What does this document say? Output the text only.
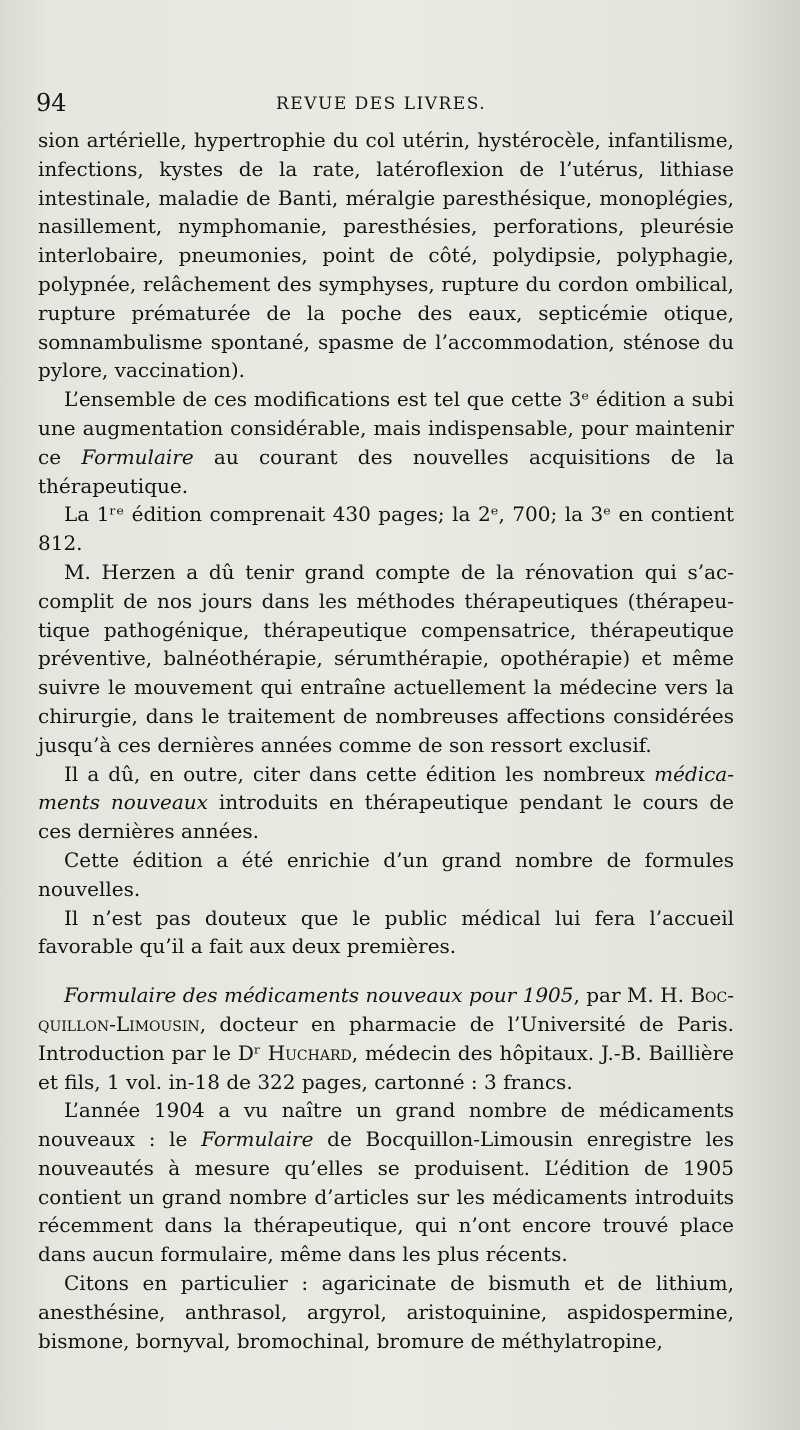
94	REVUE DES LIVRES.

sion artérielle, hypertrophie du col utérin, hystérocèle, infantilisme, infections, kystes de la rate, latéroflexion de l’utérus, lithiase intestinale, maladie de Banti, méralgie paresthésique, monoplégies, nasillement, nymphomanie, paresthésies, perforations, pleurésie interlobaire, pneumonies, point de côté, polydipsie, polyphagie, polypnée, relâchement des symphyses, rupture du cordon ombilical, rupture prématurée de la poche des eaux, septicémie otique, somnambulisme spontané, spasme de l’accommodation, sténose du pylore, vaccination).

L’ensemble de ces modifications est tel que cette 3ᵉ édition a subi une augmentation considérable, mais indispensable, pour maintenir ce Formulaire au courant des nouvelles acquisitions de la thérapeutique.

La 1ʳᵉ édition comprenait 430 pages; la 2ᵉ, 700; la 3ᵉ en contient 812.

M. Herzen a dû tenir grand compte de la rénovation qui s’accomplit de nos jours dans les méthodes thérapeutiques (thérapeutique pathogénique, thérapeutique compensatrice, thérapeutique préventive, balnéothérapie, sérumthérapie, opothérapie) et même suivre le mouvement qui entraîne actuellement la médecine vers la chirurgie, dans le traitement de nombreuses affections considérées jusqu’à ces dernières années comme de son ressort exclusif.

Il a dû, en outre, citer dans cette édition les nombreux médicaments nouveaux introduits en thérapeutique pendant le cours de ces dernières années.

Cette édition a été enrichie d’un grand nombre de formules nouvelles.

Il n’est pas douteux que le public médical lui fera l’accueil favorable qu’il a fait aux deux premières.

Formulaire des médicaments nouveaux pour 1905, par M. H. Bocquillon-Limousin, docteur en pharmacie de l’Université de Paris. Introduction par le Dʳ Huchard, médecin des hôpitaux. J.-B. Baillière et fils, 1 vol. in-18 de 322 pages, cartonné : 3 francs.

L’année 1904 a vu naître un grand nombre de médicaments nouveaux : le Formulaire de Bocquillon-Limousin enregistre les nouveautés à mesure qu’elles se produisent. L’édition de 1905 contient un grand nombre d’articles sur les médicaments introduits récemment dans la thérapeutique, qui n’ont encore trouvé place dans aucun formulaire, même dans les plus récents.

Citons en particulier : agaricinate de bismuth et de lithium, anesthésine, anthrasol, argyrol, aristoquinine, aspidospermine, bismone, bornyval, bromochinal, bromure de méthylatropine,
